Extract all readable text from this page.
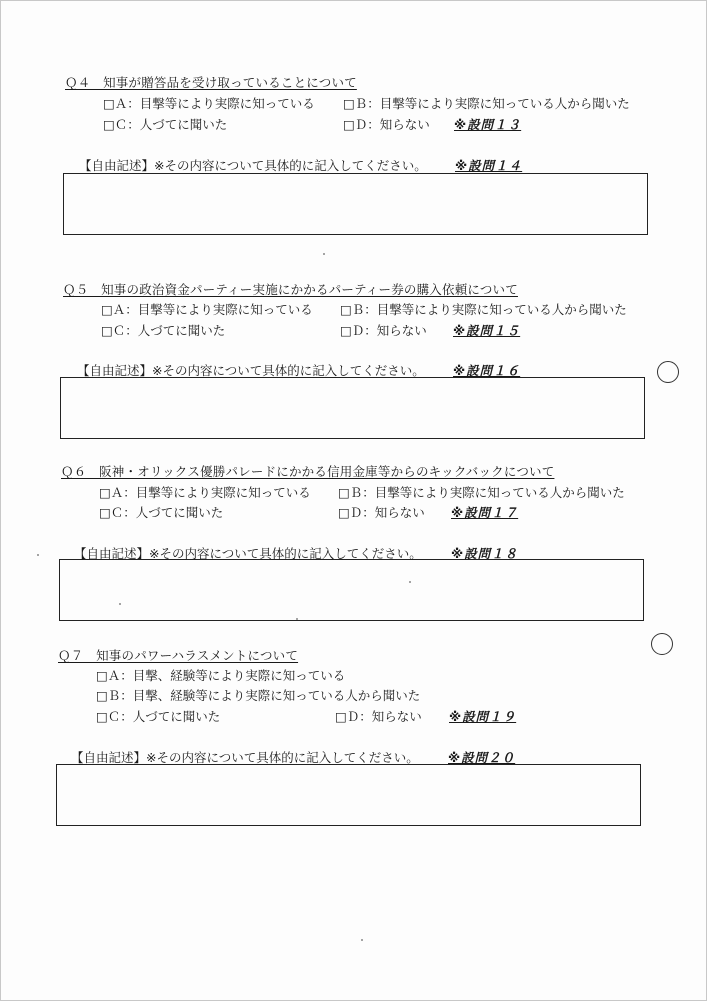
Ｑ４　知事が贈答品を受け取っていることについて
□Ａ：目撃等により実際に知っている □Ｂ：目撃等により実際に知っている人から聞いた
□Ｃ：人づてに聞いた	□Ｄ：知らない ※設問１３
【自由記述】※その内容について具体的に記入してください。 ※設問１４
Ｑ５　知事の政治資金パーティー実施にかかるパーティー券の購入依頼について
□Ａ：目撃等により実際に知っている □Ｂ：目撃等により実際に知っている人から聞いた
□Ｃ：人づてに聞いた	□Ｄ：知らない ※設問１５
【自由記述】※その内容について具体的に記入してください。 ※設問１６
Ｑ６　阪神・オリックス優勝パレードにかかる信用金庫等からのキックバックについて
□Ａ：目撃等により実際に知っている □Ｂ：目撃等により実際に知っている人から聞いた
□Ｃ：人づてに聞いた	□Ｄ：知らない ※設問１７
【自由記述】※その内容について具体的に記入してください。 ※設問１８
Ｑ７　知事のパワーハラスメントについて
□Ａ：目撃、経験等により実際に知っている
□Ｂ：目撃、経験等により実際に知っている人から聞いた
□Ｃ：人づてに聞いた	□Ｄ：知らない ※設問１９
【自由記述】※その内容について具体的に記入してください。 ※設問２０
